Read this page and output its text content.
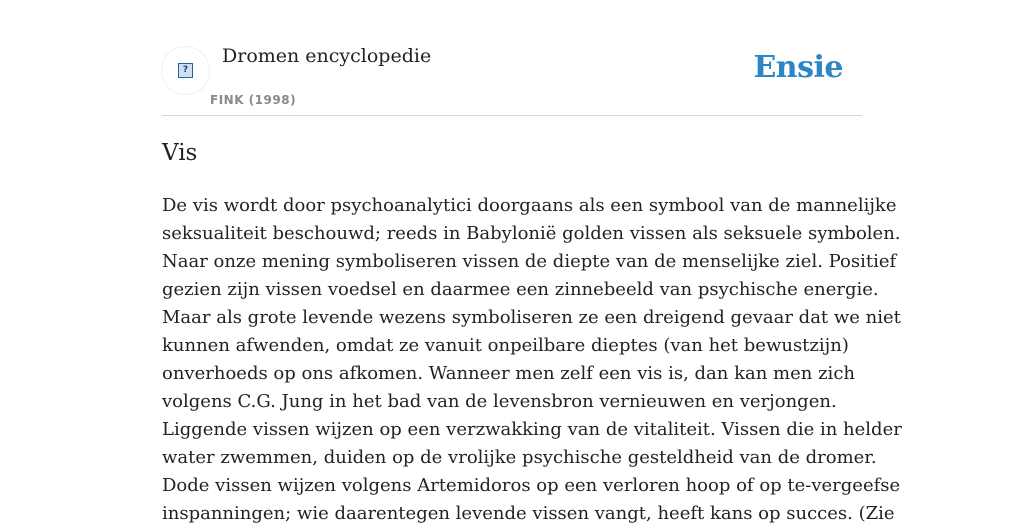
?
Dromen encyclopedie
FINK (1998)
Ensie
Vis
De vis wordt door psychoanalytici doorgaans als een symbool van de mannelijke
seksualiteit beschouwd; reeds in Babylonië golden vissen als seksuele symbolen.
Naar onze mening symboliseren vissen de diepte van de menselijke ziel. Positief
gezien zijn vissen voedsel en daarmee een zinnebeeld van psychische energie.
Maar als grote levende wezens symboliseren ze een dreigend gevaar dat we niet
kunnen afwenden, omdat ze vanuit onpeilbare dieptes (van het bewustzijn)
onverhoeds op ons afkomen. Wanneer men zelf een vis is, dan kan men zich
volgens C.G. Jung in het bad van de levensbron vernieuwen en verjongen.
Liggende vissen wijzen op een verzwakking van de vitaliteit. Vissen die in helder
water zwemmen, duiden op de vrolijke psychische gesteldheid van de dromer.
Dode vissen wijzen volgens Artemidoros op een verloren hoop of op te-vergeefse
inspanningen; wie daarentegen levende vissen vangt, heeft kans op succes. (Zie
